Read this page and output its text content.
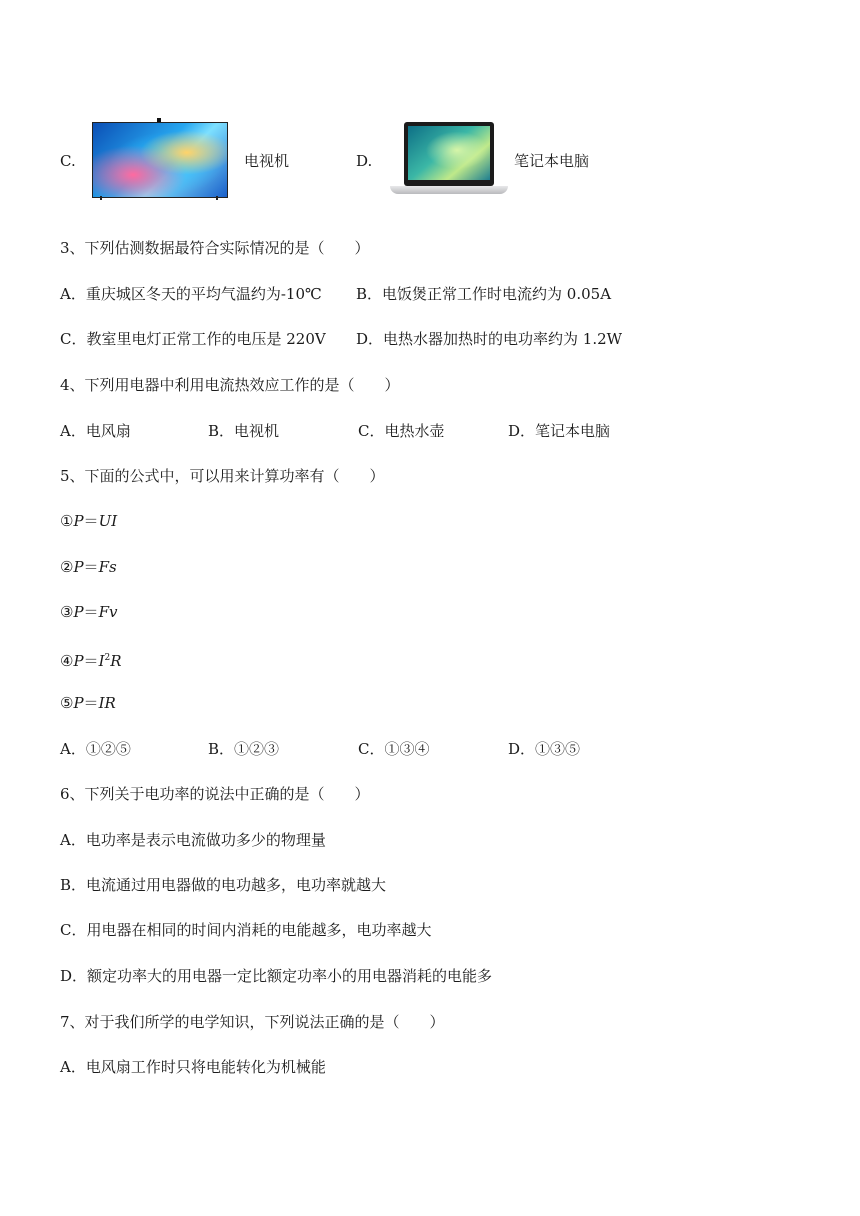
C.	电视机	D.	笔记本电脑
3、下列估测数据最符合实际情况的是（　　）
A．重庆城区冬天的平均气温约为-10℃ B．电饭煲正常工作时电流约为 0.05A
C．教室里电灯正常工作的电压是 220V D．电热水器加热时的电功率约为 1.2W
4、下列用电器中利用电流热效应工作的是（　　）
A．电风扇	B．电视机	C．电热水壶	D．笔记本电脑
5、下面的公式中，可以用来计算功率有（　　）
①P＝UI
②P＝Fs
③P＝Fv
$④P=I^2R$
⑤P＝IR
A．①②⑤	B．①②③	C．①③④	D．①③⑤
6、下列关于电功率的说法中正确的是（　　）
A．电功率是表示电流做功多少的物理量
B．电流通过用电器做的电功越多，电功率就越大
C．用电器在相同的时间内消耗的电能越多，电功率越大
D．额定功率大的用电器一定比额定功率小的用电器消耗的电能多
7、对于我们所学的电学知识，下列说法正确的是（　　）
A．电风扇工作时只将电能转化为机械能
